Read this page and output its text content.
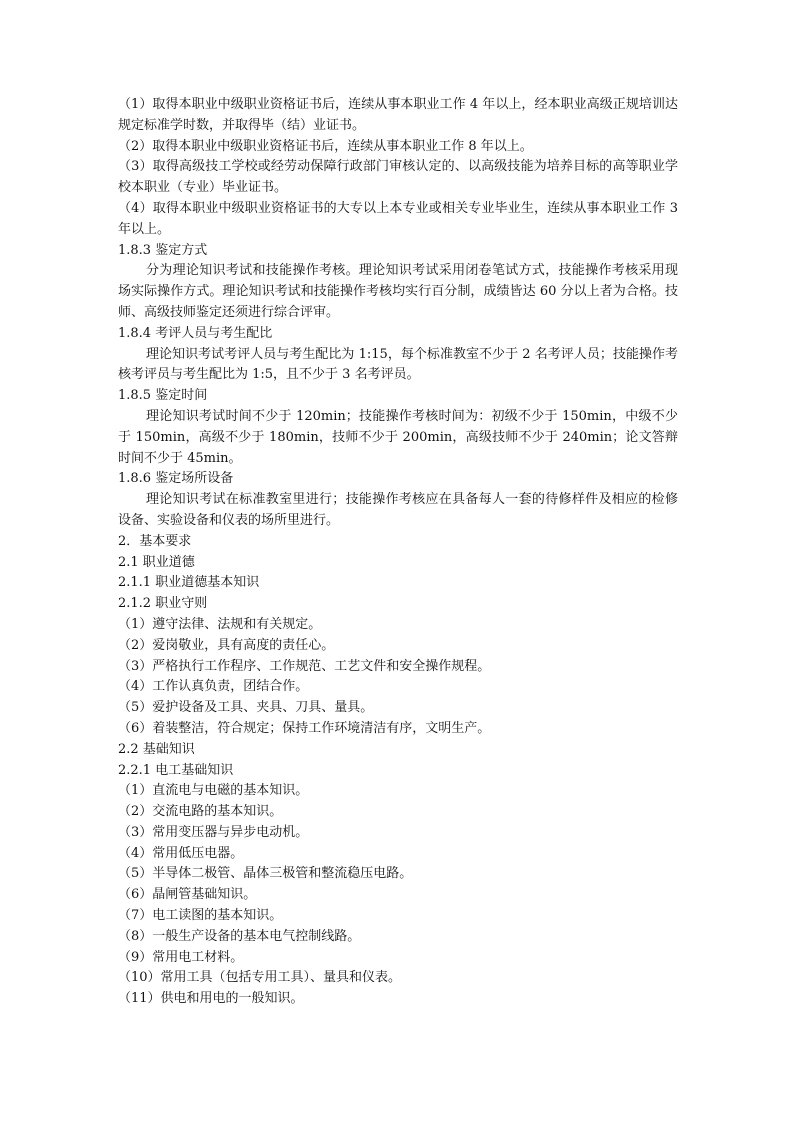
（1）取得本职业中级职业资格证书后，连续从事本职业工作 4 年以上，经本职业高级正规培训达规定标准学时数，并取得毕（结）业证书。

（2）取得本职业中级职业资格证书后，连续从事本职业工作 8 年以上。

（3）取得高级技工学校或经劳动保障行政部门审核认定的、以高级技能为培养目标的高等职业学校本职业（专业）毕业证书。

（4）取得本职业中级职业资格证书的大专以上本专业或相关专业毕业生，连续从事本职业工作 3 年以上。

1.8.3 鉴定方式

分为理论知识考试和技能操作考核。理论知识考试采用闭卷笔试方式，技能操作考核采用现场实际操作方式。理论知识考试和技能操作考核均实行百分制，成绩皆达 60 分以上者为合格。技师、高级技师鉴定还须进行综合评审。

1.8.4 考评人员与考生配比

理论知识考试考评人员与考生配比为 1:15，每个标准教室不少于 2 名考评人员；技能操作考核考评员与考生配比为 1:5，且不少于 3 名考评员。

1.8.5 鉴定时间

理论知识考试时间不少于 120min；技能操作考核时间为：初级不少于 150min，中级不少于 150min，高级不少于 180min，技师不少于 200min，高级技师不少于 240min；论文答辩时间不少于 45min。

1.8.6 鉴定场所设备

理论知识考试在标准教室里进行；技能操作考核应在具备每人一套的待修样件及相应的检修设备、实验设备和仪表的场所里进行。

2．基本要求

2.1 职业道德

2.1.1 职业道德基本知识

2.1.2 职业守则

（1）遵守法律、法规和有关规定。

（2）爱岗敬业，具有高度的责任心。

（3）严格执行工作程序、工作规范、工艺文件和安全操作规程。

（4）工作认真负责，团结合作。

（5）爱护设备及工具、夹具、刀具、量具。

（6）着装整洁，符合规定；保持工作环境清洁有序，文明生产。

2.2 基础知识

2.2.1 电工基础知识

（1）直流电与电磁的基本知识。

（2）交流电路的基本知识。

（3）常用变压器与异步电动机。

（4）常用低压电器。

（5）半导体二极管、晶体三极管和整流稳压电路。

（6）晶闸管基础知识。

（7）电工读图的基本知识。

（8）一般生产设备的基本电气控制线路。

（9）常用电工材料。

（10）常用工具（包括专用工具）、量具和仪表。

（11）供电和用电的一般知识。
